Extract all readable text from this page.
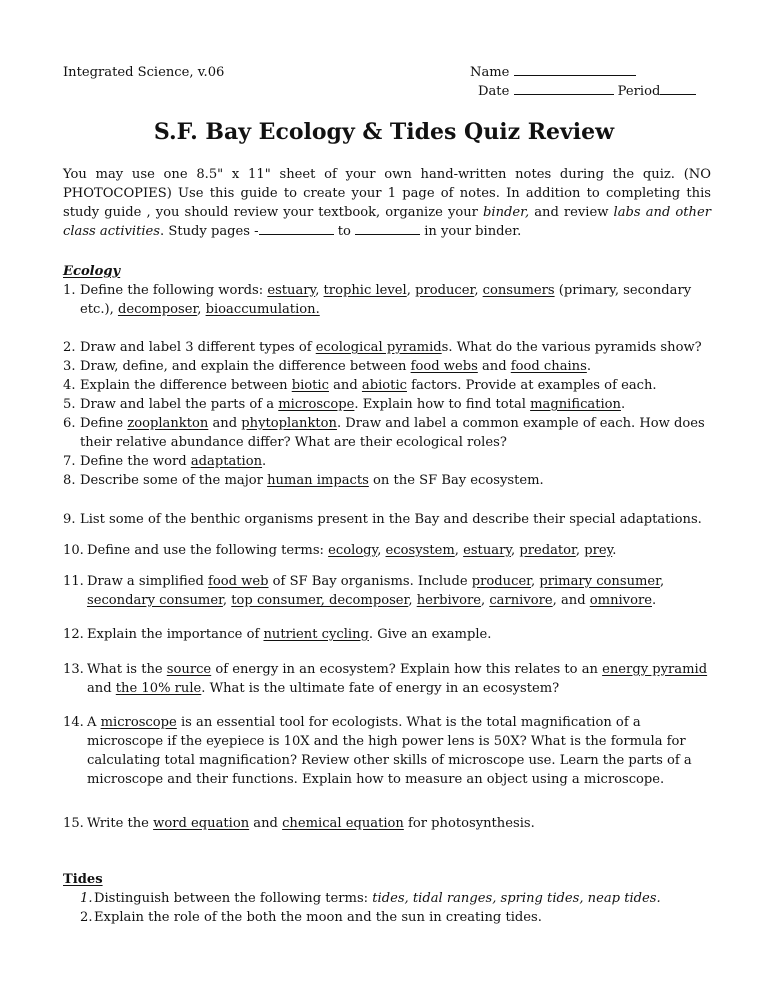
Integrated Science, v.06	Name
Date	Period
S.F. Bay Ecology & Tides Quiz Review

You may use one 8.5" x 11" sheet of your own hand-written notes during the quiz. (NO PHOTOCOPIES) Use this guide to create your 1 page of notes. In addition to completing this study guide , you should review your textbook, organize your binder, and review labs and other class activities. Study pages -	to	in your binder.

Ecology
1. Define the following words: estuary, trophic level, producer, consumers (primary, secondary etc.), decomposer, bioaccumulation.
2. Draw and label 3 different types of ecological pyramids. What do the various pyramids show?
3. Draw, define, and explain the difference between food webs and food chains.
4. Explain the difference between biotic and abiotic factors. Provide at examples of each.
5. Draw and label the parts of a microscope. Explain how to find total magnification.
6. Define zooplankton and phytoplankton. Draw and label a common example of each. How does their relative abundance differ? What are their ecological roles?
7. Define the word adaptation.
8. Describe some of the major human impacts on the SF Bay ecosystem.
9. List some of the benthic organisms present in the Bay and describe their special adaptations.
10. Define and use the following terms: ecology, ecosystem, estuary, predator, prey.
11. Draw a simplified food web of SF Bay organisms. Include producer, primary consumer, secondary consumer, top consumer, decomposer, herbivore, carnivore, and omnivore.
12. Explain the importance of nutrient cycling. Give an example.
13. What is the source of energy in an ecosystem? Explain how this relates to an energy pyramid and the 10% rule. What is the ultimate fate of energy in an ecosystem?
14. A microscope is an essential tool for ecologists. What is the total magnification of a microscope if the eyepiece is 10X and the high power lens is 50X? What is the formula for calculating total magnification? Review other skills of microscope use. Learn the parts of a microscope and their functions. Explain how to measure an object using a microscope.
15. Write the word equation and chemical equation for photosynthesis.
Tides
1. Distinguish between the following terms: tides, tidal ranges, spring tides, neap tides.
2. Explain the role of the both the moon and the sun in creating tides.
